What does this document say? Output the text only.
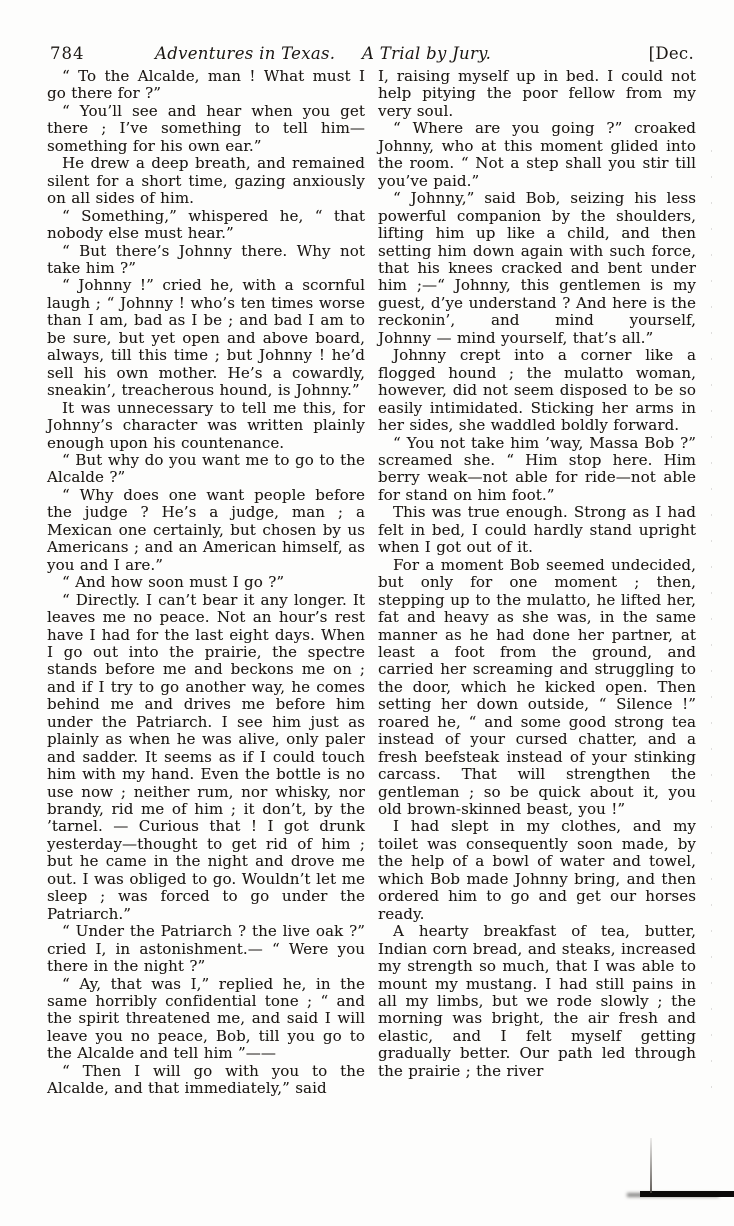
784	Adventures in Texas. A Trial by Jury.	[Dec.

“ To the Alcalde, man ! What must I go there for ?”

“ You’ll see and hear when you get there ; I’ve something to tell him—something for his own ear.”

He drew a deep breath, and remained silent for a short time, gazing anxiously on all sides of him.

“ Something,” whispered he, “ that nobody else must hear.”

“ But there’s Johnny there. Why not take him ?”

“ Johnny !” cried he, with a scornful laugh ; “ Johnny ! who’s ten times worse than I am, bad as I be ; and bad I am to be sure, but yet open and above board, always, till this time ; but Johnny ! he’d sell his own mother. He’s a cowardly, sneakin’, treacherous hound, is Johnny.”

It was unnecessary to tell me this, for Johnny’s character was written plainly enough upon his countenance.

“ But why do you want me to go to the Alcalde ?”

“ Why does one want people before the judge ? He’s a judge, man ; a Mexican one certainly, but chosen by us Americans ; and an American himself, as you and I are.”

“ And how soon must I go ?”

“ Directly. I can’t bear it any longer. It leaves me no peace. Not an hour’s rest have I had for the last eight days. When I go out into the prairie, the spectre stands before me and beckons me on ; and if I try to go another way, he comes behind me and drives me before him under the Patriarch. I see him just as plainly as when he was alive, only paler and sadder. It seems as if I could touch him with my hand. Even the bottle is no use now ; neither rum, nor whisky, nor brandy, rid me of him ; it don’t, by the ’tarnel. — Curious that ! I got drunk yesterday—thought to get rid of him ; but he came in the night and drove me out. I was obliged to go. Wouldn’t let me sleep ; was forced to go under the Patriarch.”

“ Under the Patriarch ? the live oak ?” cried I, in astonishment.— “ Were you there in the night ?”

“ Ay, that was I,” replied he, in the same horribly confidential tone ; “ and the spirit threatened me, and said I will leave you no peace, Bob, till you go to the Alcalde and tell him ”——

“ Then I will go with you to the Alcalde, and that immediately,” said

I, raising myself up in bed. I could not help pitying the poor fellow from my very soul.

“ Where are you going ?” croaked Johnny, who at this moment glided into the room. “ Not a step shall you stir till you’ve paid.”

“ Johnny,” said Bob, seizing his less powerful companion by the shoulders, lifting him up like a child, and then setting him down again with such force, that his knees cracked and bent under him ;—“ Johnny, this gentlemen is my guest, d’ye understand ? And here is the reckonin’, and mind yourself, Johnny — mind yourself, that’s all.”

Johnny crept into a corner like a flogged hound ; the mulatto woman, however, did not seem disposed to be so easily intimidated. Sticking her arms in her sides, she waddled boldly forward.

“ You not take him ’way, Massa Bob ?” screamed she. “ Him stop here. Him berry weak—not able for ride—not able for stand on him foot.”

This was true enough. Strong as I had felt in bed, I could hardly stand upright when I got out of it.

For a moment Bob seemed undecided, but only for one moment ; then, stepping up to the mulatto, he lifted her, fat and heavy as she was, in the same manner as he had done her partner, at least a foot from the ground, and carried her screaming and struggling to the door, which he kicked open. Then setting her down outside, “ Silence !” roared he, “ and some good strong tea instead of your cursed chatter, and a fresh beefsteak instead of your stinking carcass. That will strengthen the gentleman ; so be quick about it, you old brown-skinned beast, you !”

I had slept in my clothes, and my toilet was consequently soon made, by the help of a bowl of water and towel, which Bob made Johnny bring, and then ordered him to go and get our horses ready.

A hearty breakfast of tea, butter, Indian corn bread, and steaks, increased my strength so much, that I was able to mount my mustang. I had still pains in all my limbs, but we rode slowly ; the morning was bright, the air fresh and elastic, and I felt myself getting gradually better. Our path led through the prairie ; the river
